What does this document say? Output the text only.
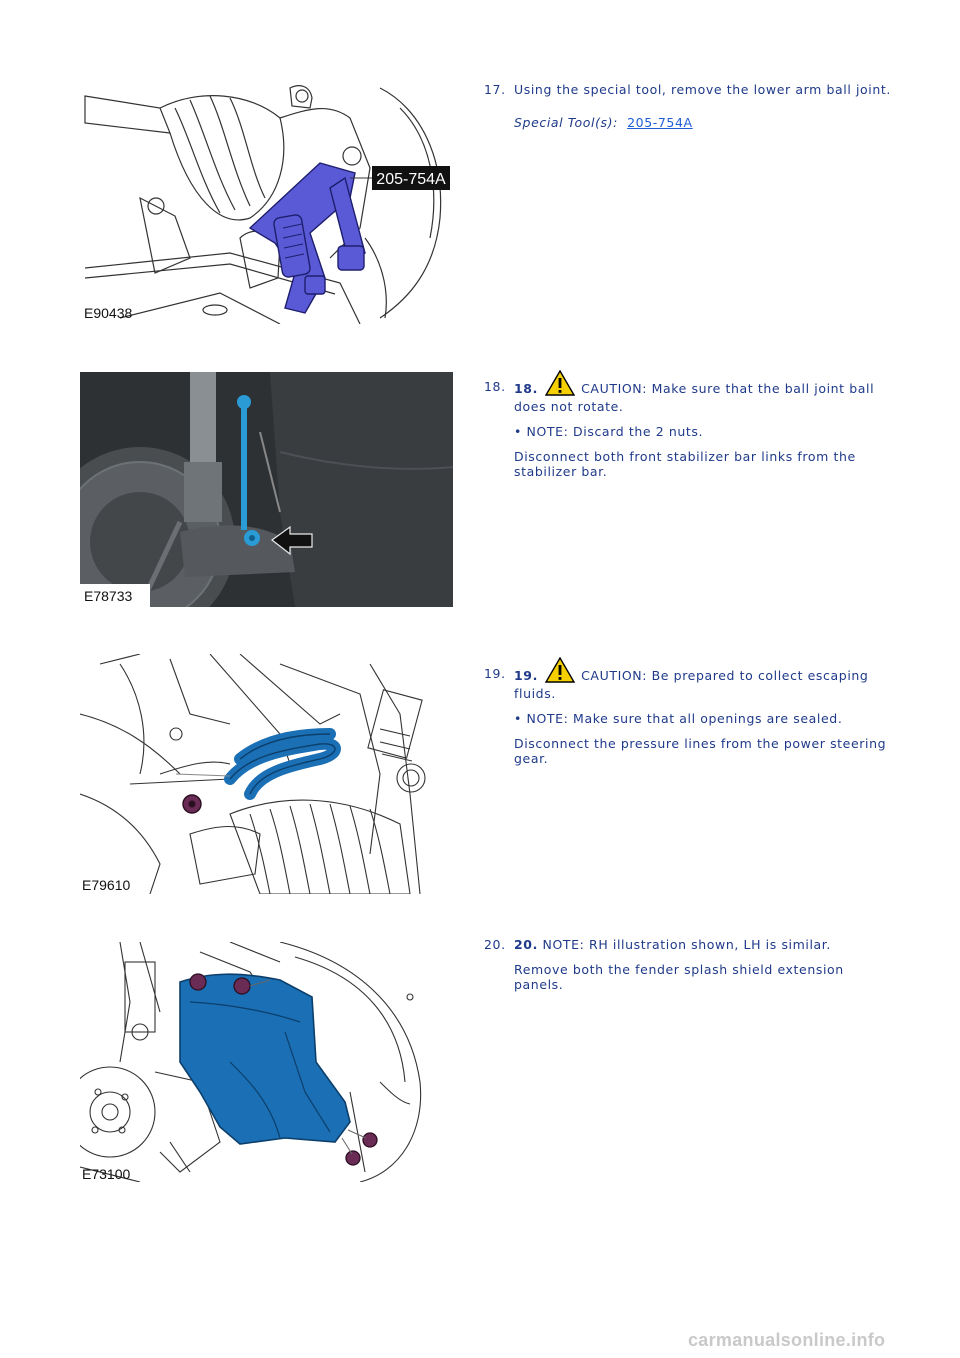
205-754A
E90438
17. Using the special tool, remove the lower arm ball joint.

Special Tool(s): 205-754A

E78733
18. 18.	CAUTION: Make sure that the ball joint ball does not rotate.

• NOTE: Discard the 2 nuts.

Disconnect both front stabilizer bar links from the stabilizer bar.

E79610
19. 19.	CAUTION: Be prepared to collect escaping fluids.

• NOTE: Make sure that all openings are sealed.

Disconnect the pressure lines from the power steering gear.

E73100
20. 20. NOTE: RH illustration shown, LH is similar.

Remove both the fender splash shield extension panels.

carmanualsonline.info
